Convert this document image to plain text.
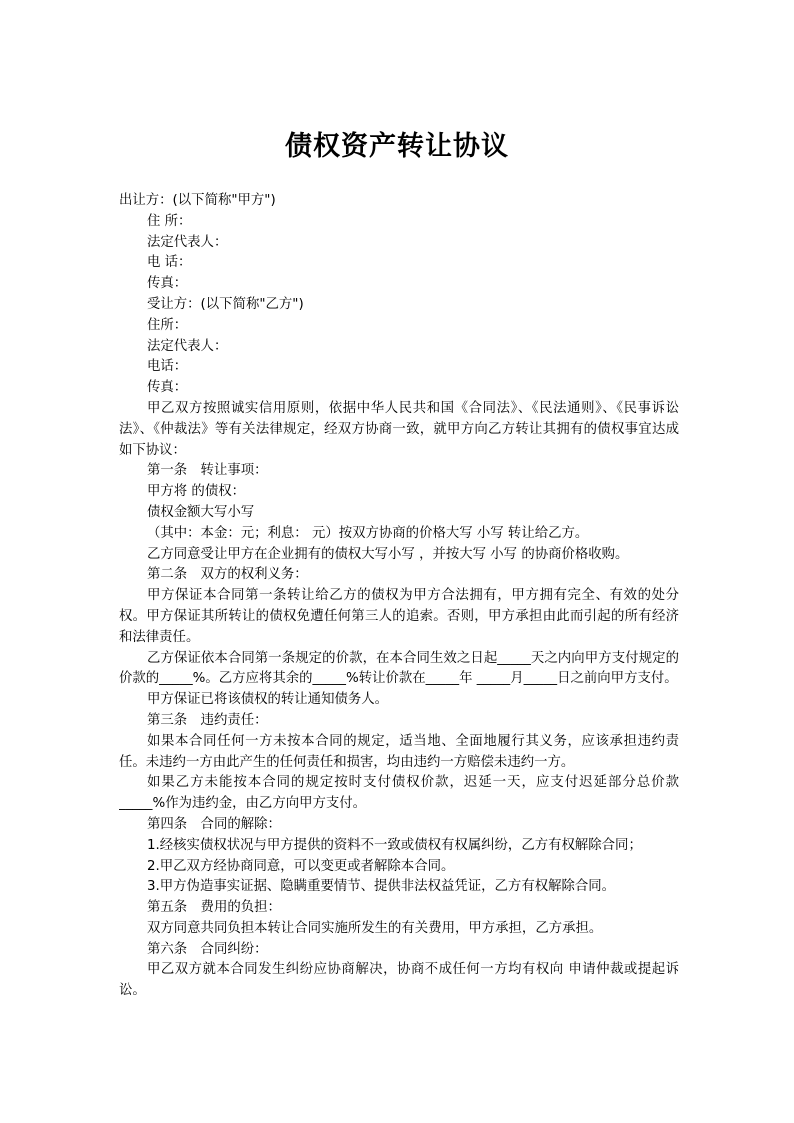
债权资产转让协议
出让方：(以下简称"甲方")
住 所：
法定代表人：
电 话：
传真：
受让方：(以下简称"乙方")
住所：
法定代表人：
电话：
传真：
甲乙双方按照诚实信用原则，依据中华人民共和国《合同法》、《民法通则》、《民事诉讼法》、《仲裁法》等有关法律规定，经双方协商一致，就甲方向乙方转让其拥有的债权事宜达成如下协议：
第一条　转让事项：
甲方将 的债权：
债权金额大写小写
（其中：本金：元；利息： 元）按双方协商的价格大写 小写 转让给乙方。
乙方同意受让甲方在企业拥有的债权大写小写 ，并按大写 小写 的协商价格收购。
第二条　双方的权利义务：
甲方保证本合同第一条转让给乙方的债权为甲方合法拥有，甲方拥有完全、有效的处分权。甲方保证其所转让的债权免遭任何第三人的追索。否则，甲方承担由此而引起的所有经济和法律责任。
乙方保证依本合同第一条规定的价款，在本合同生效之日起_____天之内向甲方支付规定的价款的_____%。乙方应将其余的_____%转让价款在_____年 _____月_____日之前向甲方支付。
甲方保证已将该债权的转让通知债务人。
第三条　违约责任：
如果本合同任何一方未按本合同的规定，适当地、全面地履行其义务，应该承担违约责任。未违约一方由此产生的任何责任和损害，均由违约一方赔偿未违约一方。
如果乙方未能按本合同的规定按时支付债权价款，迟延一天，应支付迟延部分总价款_____%作为违约金，由乙方向甲方支付。
第四条　合同的解除：
1.经核实债权状况与甲方提供的资料不一致或债权有权属纠纷，乙方有权解除合同；
2.甲乙双方经协商同意，可以变更或者解除本合同。
3.甲方伪造事实证据、隐瞒重要情节、提供非法权益凭证，乙方有权解除合同。
第五条　费用的负担：
双方同意共同负担本转让合同实施所发生的有关费用，甲方承担，乙方承担。
第六条　合同纠纷：
甲乙双方就本合同发生纠纷应协商解决，协商不成任何一方均有权向 申请仲裁或提起诉讼。
